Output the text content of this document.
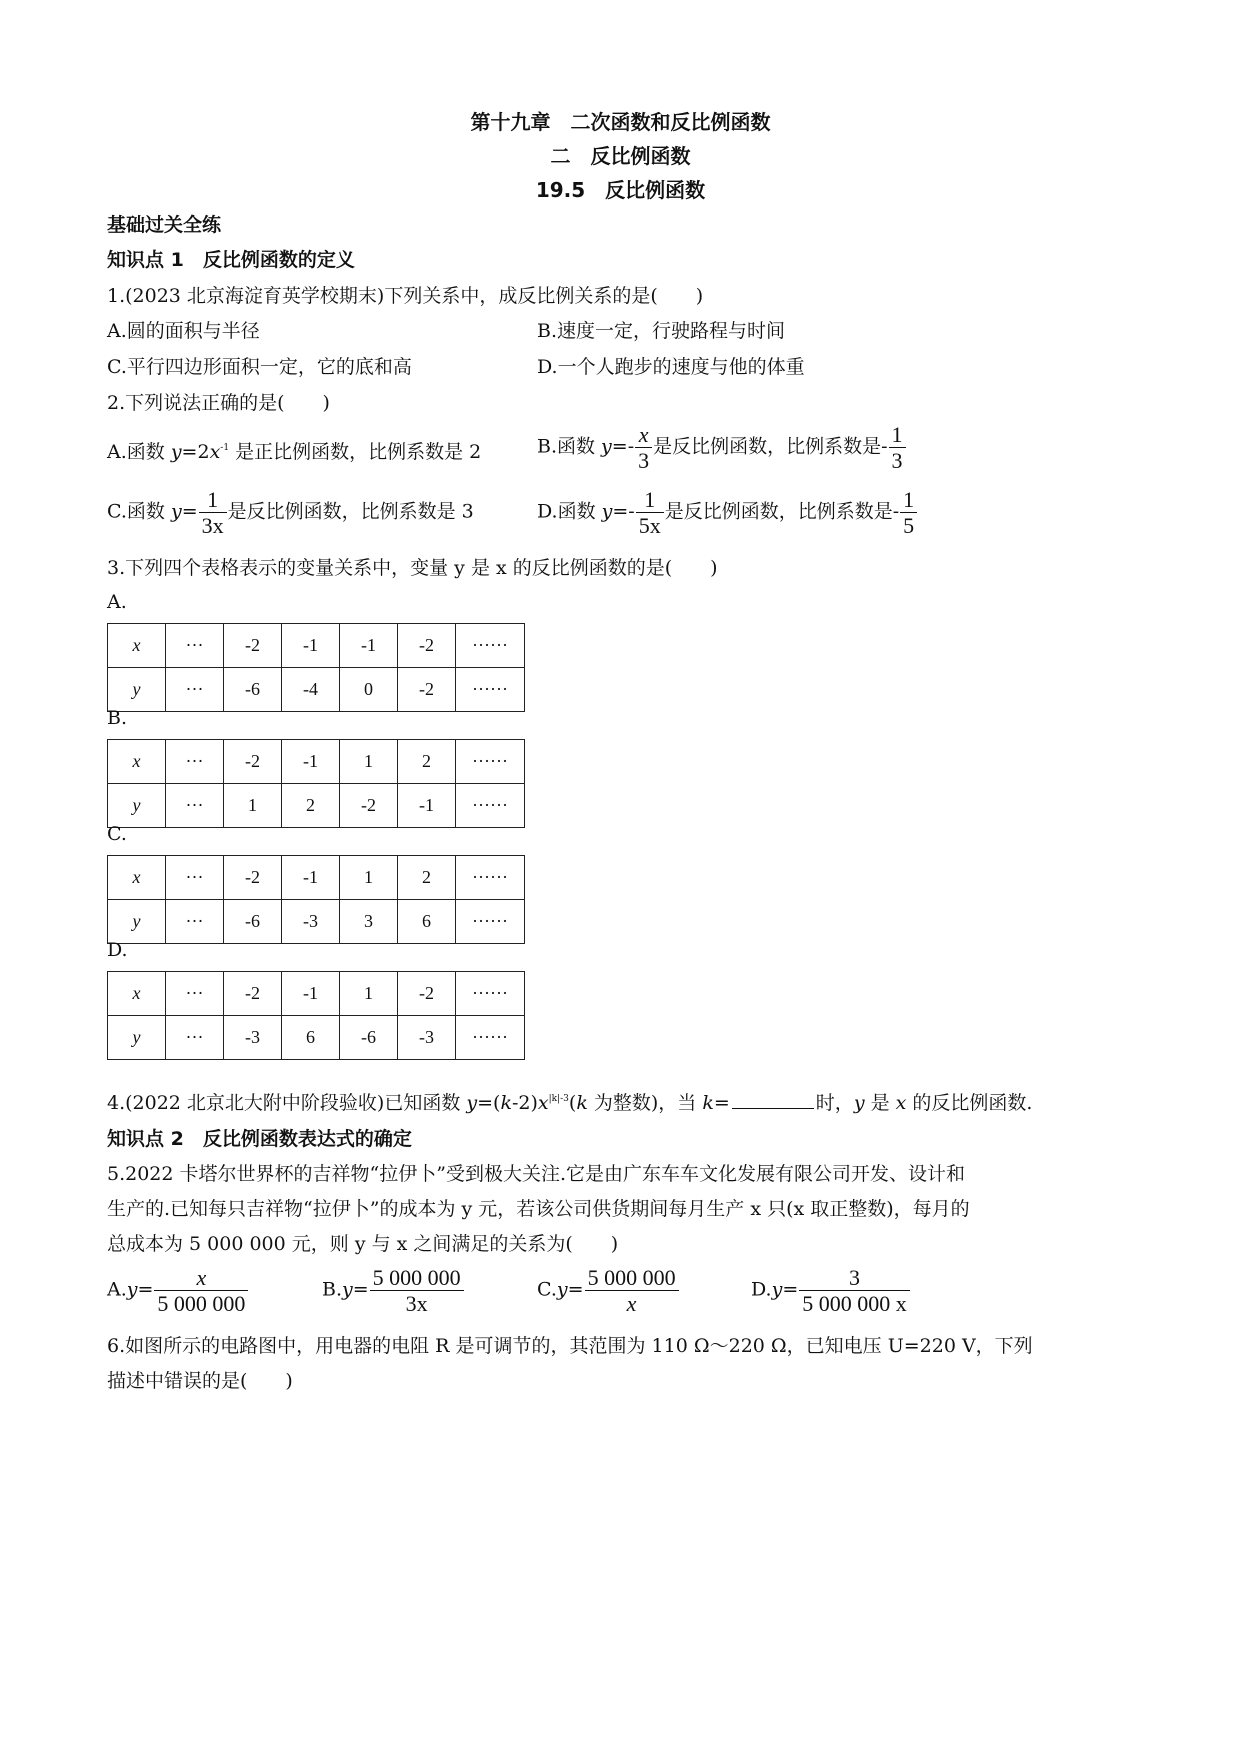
第十九章　二次函数和反比例函数
二　反比例函数
19.5　反比例函数
基础过关全练
知识点 1　反比例函数的定义
1.(2023 北京海淀育英学校期末)下列关系中，成反比例关系的是(　　)
A.圆的面积与半径	B.速度一定，行驶路程与时间
C.平行四边形面积一定，它的底和高	D.一个人跑步的速度与他的体重
2.下列说法正确的是(　　)
A.函数 $y=2x^{-1}$ 是正比例函数，比例系数是 2	B.函数 $y=- \frac{x}{3}$ 是反比例函数，比例系数是- $\frac{1}{3}$
C.函数 $y= \frac{1}{3x}$ 是反比例函数，比例系数是 3	D.函数 $y=- \frac{1}{5x}$ 是反比例函数，比例系数是- $\frac{1}{5}$
3.下列四个表格表示的变量关系中，变量 y 是 x 的反比例函数的是(　　)
A.
x	···	-2	-1	-1	-2	······
y	···	-6	-4	0	-2	······
B.
x	···	-2	-1	1	2	······
y	···	1	2	-2	-1	······
C.
x	···	-2	-1	1	2	······
y	···	-6	-3	3	6	······
D.
x	···	-2	-1	1	-2	······
y	···	-3	6	-6	-3	······
4.(2022 北京北大附中阶段验收)已知函数 $y=(k-2)x^{|k|-3}(k$ 为整数)，当 k=	时，y 是 x 的反比例函数.
知识点 2　反比例函数表达式的确定
5.2022 卡塔尔世界杯的吉祥物“拉伊卜”受到极大关注.它是由广东车车文化发展有限公司开发、设计和
生产的.已知每只吉祥物“拉伊卜”的成本为 y 元，若该公司供货期间每月生产 x 只(x 取正整数)，每月的
总成本为 5 000 000 元，则 y 与 x 之间满足的关系为(　　)
$A.y= \frac{x}{5 000 000}$	$B.y= \frac{5 000 000}{3x}$	$C.y= \frac{5 000 000}{x}$	$D.y= \frac{3}{5 000 000 x}$
6.如图所示的电路图中，用电器的电阻 R 是可调节的，其范围为 110 Ω～220 Ω，已知电压 U=220 V，下列
描述中错误的是(　　)
